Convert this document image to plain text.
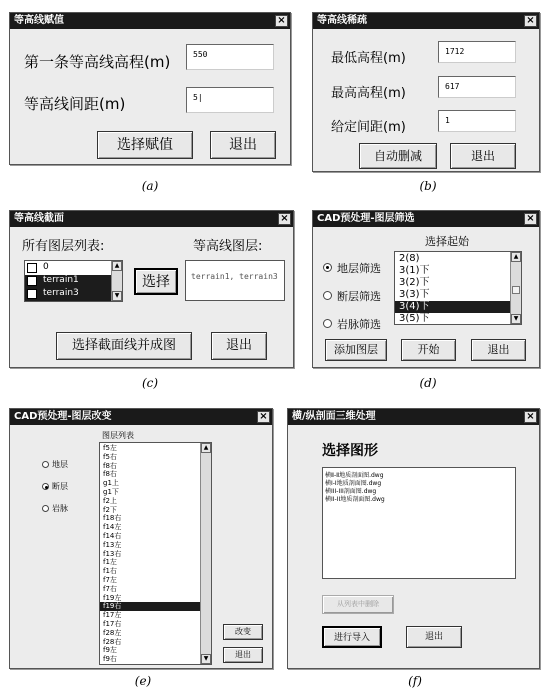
等高线赋值	×
第一条等高线高程(m)	550
等高线间距(m)	5|
选择赋值	退出
(a)
等高线稀疏	×
最低高程(m)	1712
最高高程(m)	617
给定间距(m)	1
自动删减	退出
(b)
等高线截面	×
所有图层列表:	等高线图层:
0
✓ terrain1
✓ terrain3
▲
▼
选择	terrain1, terrain3
选择截面线并成图	退出
(c)
CAD预处理-图层筛选	×
选择起始
地层筛选
断层筛选
岩脉筛选
2(8)
3(1)下
3(2)下
3(3)下
3(4)下
3(5)下
▲
▼
添加图层	开始	退出
(d)
CAD预处理-图层改变	×
图层列表
地层
断层
岩脉
f5左
f5右
f8右
f8右
g1上
g1下
f2上
f2下
f18右
f14左
f14右
f13左
f13右
f1左
f1右
f7左
f7右
f19左
f19右
f17左
f17右
f28左
f28右
f9左
f9右
▲
▼
改变
退出
(e)
横/纵剖面三维处理	×
选择图形
横Ⅱ-Ⅱ地质剖面图.dwg
横I-I地质剖面图.dwg
横III-III剖面图.dwg
横II-II地质剖面图.dwg
从列表中删除
进行导入	退出
(f)
